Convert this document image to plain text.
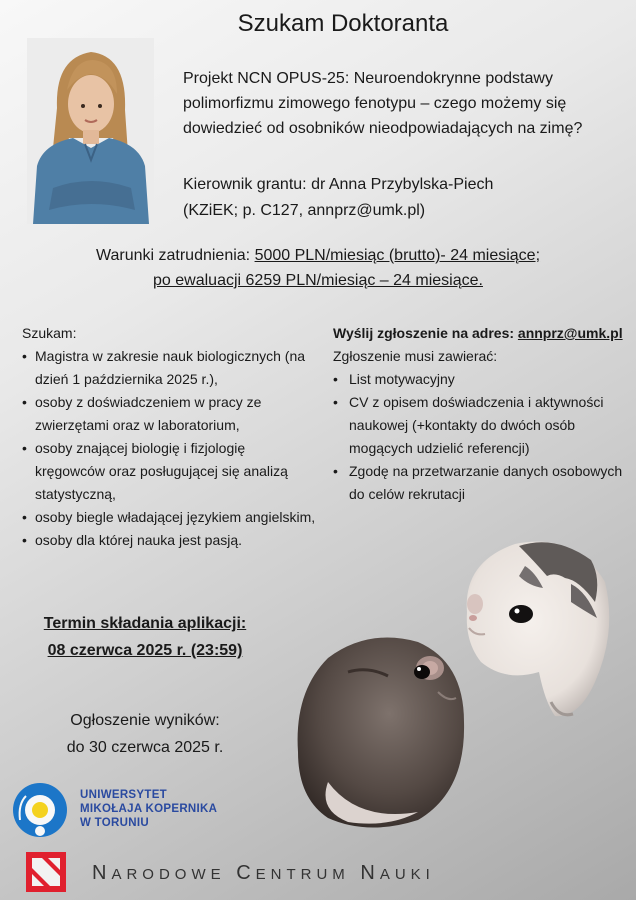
Szukam Doktoranta
Projekt NCN OPUS-25: Neuroendokrynne podstawy
polimorfizmu zimowego fenotypu – czego możemy się
dowiedzieć od osobników nieodpowiadających na zimę?
Kierownik grantu: dr Anna Przybylska-Piech
(KZiEK; p. C127, annprz@umk.pl)
Warunki zatrudnienia: 5000 PLN/miesiąc (brutto)- 24 miesiące;
po ewaluacji 6259 PLN/miesiąc – 24 miesiące.
Szukam:
• Magistra w zakresie nauk biologicznych (na dzień 1 października 2025 r.),
• osoby z doświadczeniem w pracy ze zwierzętami oraz w laboratorium,
• osoby znającej biologię i fizjologię kręgowców oraz posługującej się analizą statystyczną,
• osoby biegle władającej językiem angielskim,
• osoby dla której nauka jest pasją.
Wyślij zgłoszenie na adres: annprz@umk.pl
Zgłoszenie musi zawierać:
• List motywacyjny
• CV z opisem doświadczenia i aktywności naukowej (+kontakty do dwóch osób mogących udzielić referencji)
• Zgodę na przetwarzanie danych osobowych do celów rekrutacji
Termin składania aplikacji:
08 czerwca 2025 r. (23:59)
Ogłoszenie wyników:
do 30 czerwca 2025 r.
UNIWERSYTET
MIKOŁAJA KOPERNIKA
W TORUNIU
NARODOWE CENTRUM NAUKI
